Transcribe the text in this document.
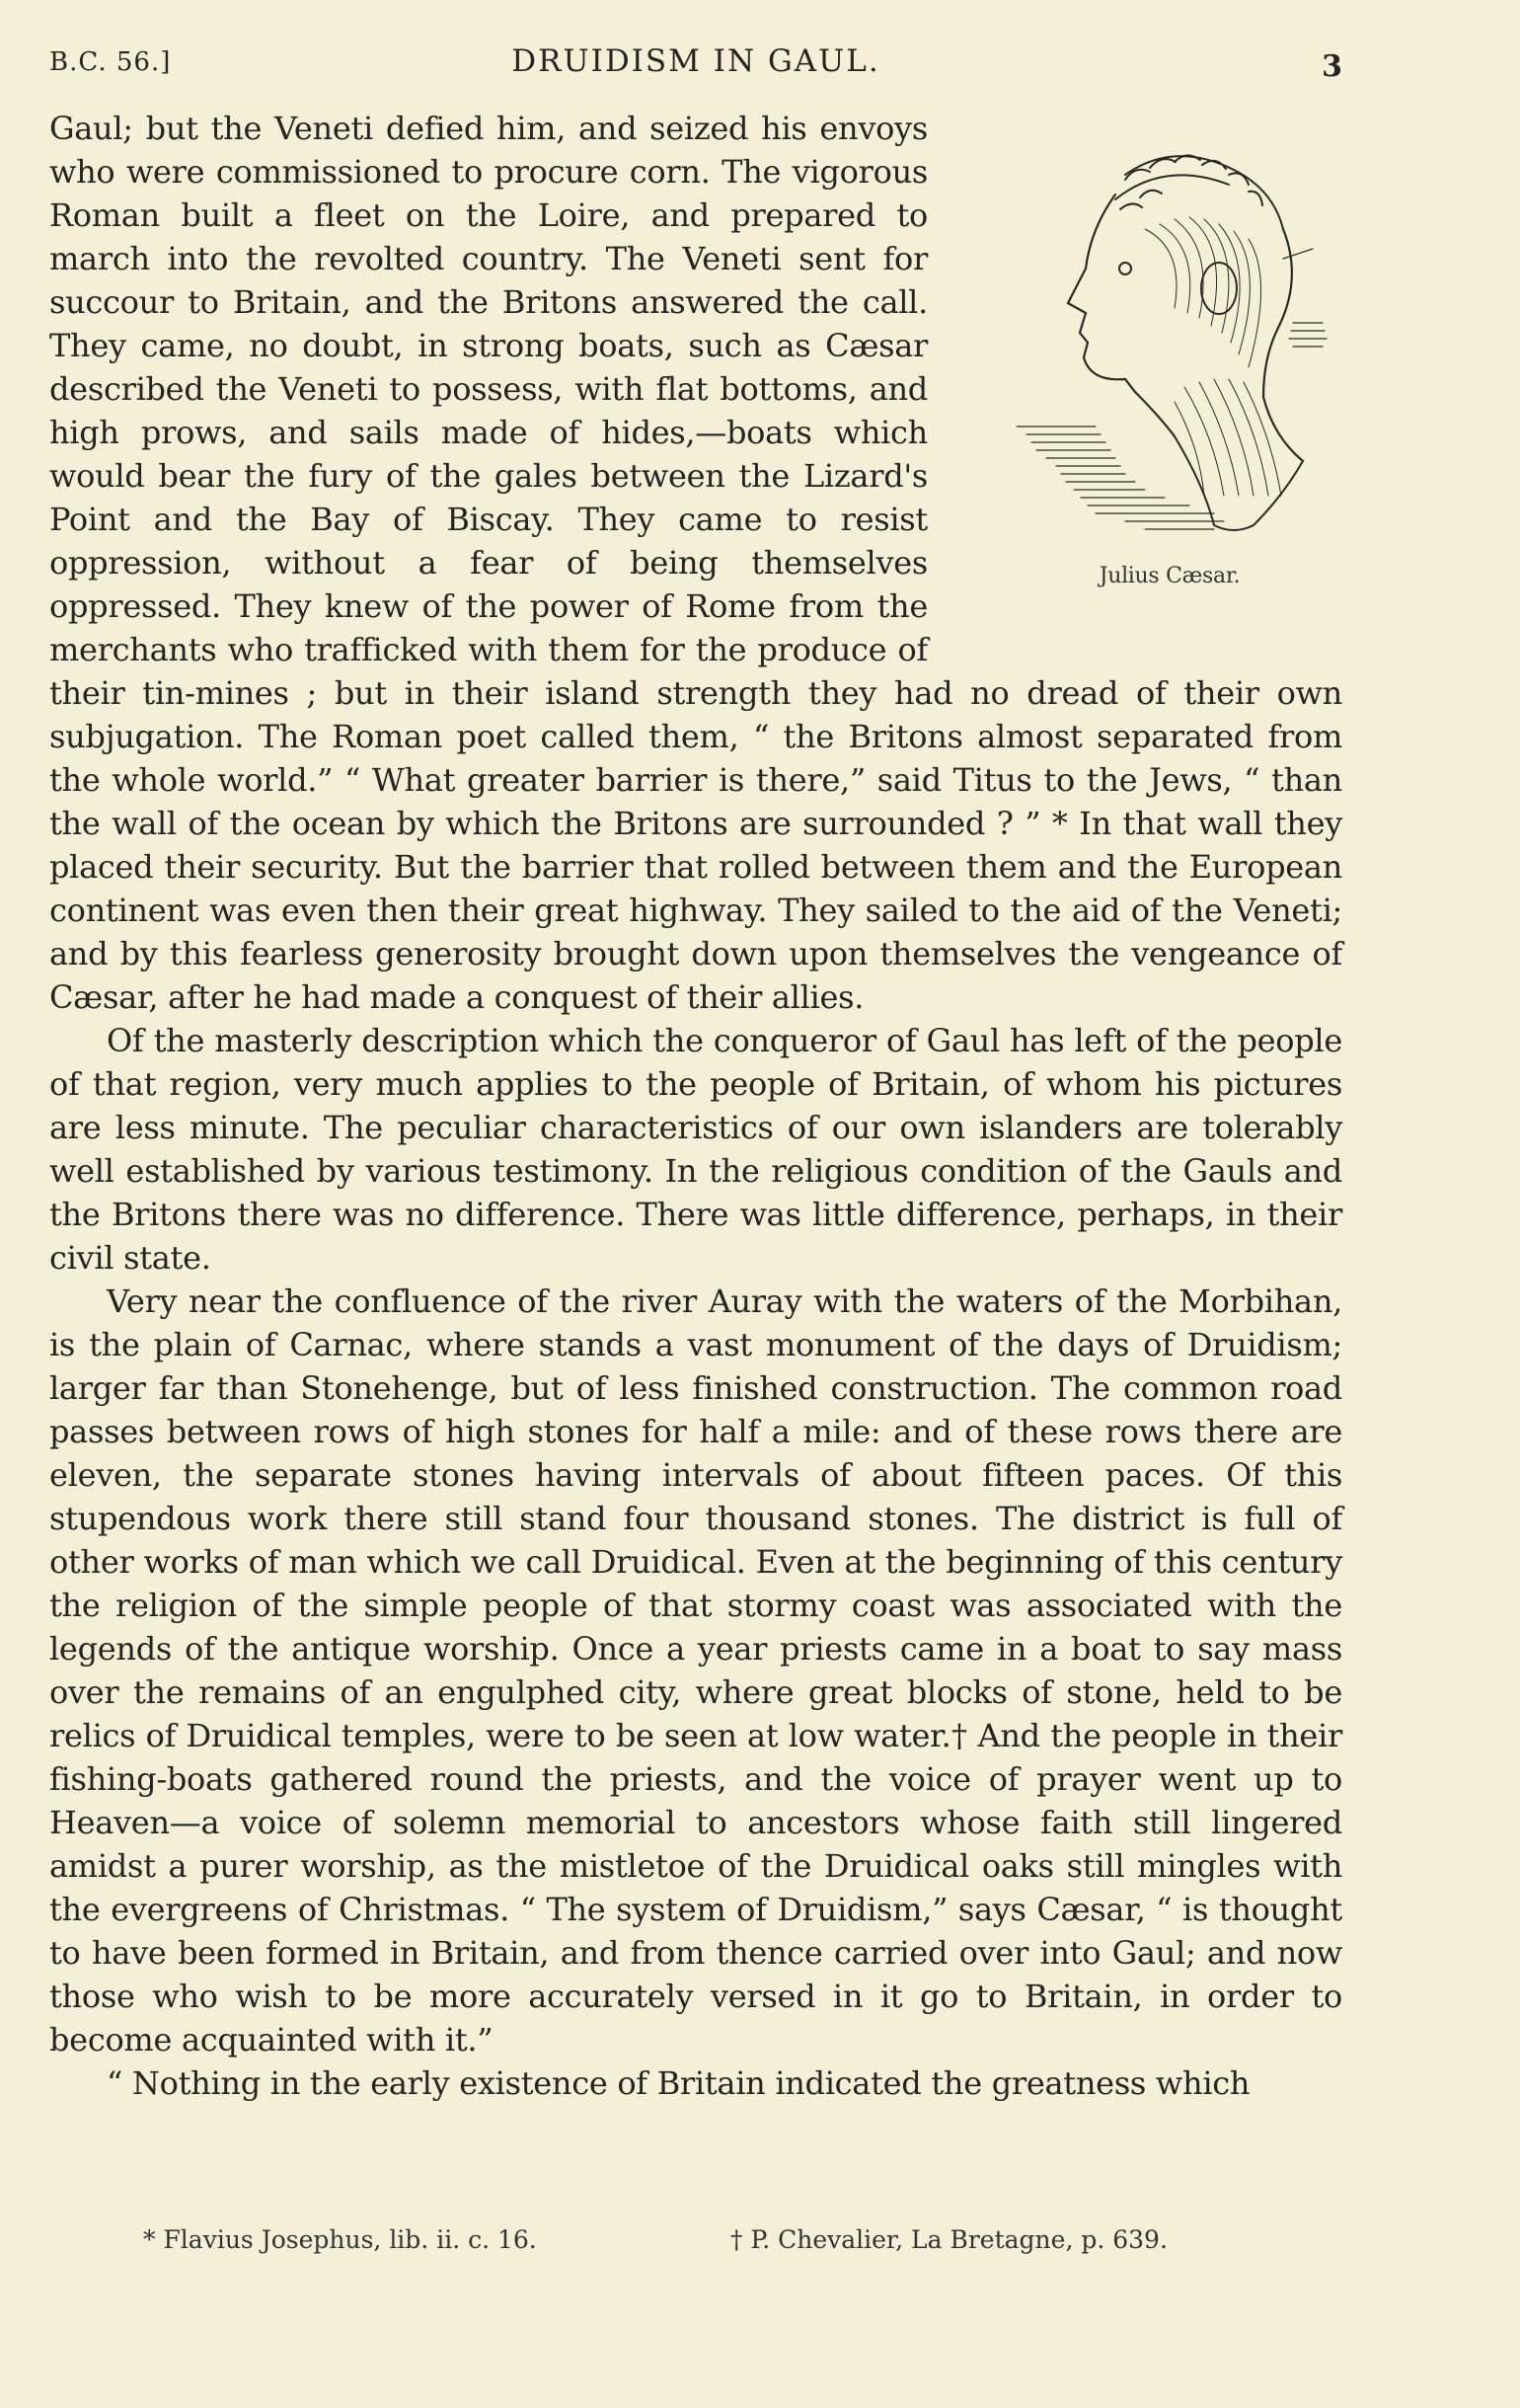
B.C. 56.]	DRUIDISM IN GAUL.	3
Julius Cæsar.

Gaul; but the Veneti defied him, and seized his envoys who were commissioned to procure corn. The vigorous Roman built a fleet on the Loire, and prepared to march into the revolted country. The Veneti sent for succour to Britain, and the Britons answered the call. They came, no doubt, in strong boats, such as Cæsar described the Veneti to possess, with flat bottoms, and high prows, and sails made of hides,—boats which would bear the fury of the gales between the Lizard's Point and the Bay of Biscay. They came to resist oppression, without a fear of being themselves oppressed. They knew of the power of Rome from the merchants who trafficked with them for the produce of their tin-mines ; but in their island strength they had no dread of their own subjugation. The Roman poet called them, “ the Britons almost separated from the whole world.” “ What greater barrier is there,” said Titus to the Jews, “ than the wall of the ocean by which the Britons are surrounded ? ” * In that wall they placed their security. But the barrier that rolled between them and the European continent was even then their great highway. They sailed to the aid of the Veneti; and by this fearless generosity brought down upon themselves the vengeance of Cæsar, after he had made a conquest of their allies.

Of the masterly description which the conqueror of Gaul has left of the people of that region, very much applies to the people of Britain, of whom his pictures are less minute. The peculiar characteristics of our own islanders are tolerably well established by various testimony. In the religious condition of the Gauls and the Britons there was no difference. There was little difference, perhaps, in their civil state.

Very near the confluence of the river Auray with the waters of the Morbihan, is the plain of Carnac, where stands a vast monument of the days of Druidism; larger far than Stonehenge, but of less finished construction. The common road passes between rows of high stones for half a mile: and of these rows there are eleven, the separate stones having intervals of about fifteen paces. Of this stupendous work there still stand four thousand stones. The district is full of other works of man which we call Druidical. Even at the beginning of this century the religion of the simple people of that stormy coast was associated with the legends of the antique worship. Once a year priests came in a boat to say mass over the remains of an engulphed city, where great blocks of stone, held to be relics of Druidical temples, were to be seen at low water.† And the people in their fishing-boats gathered round the priests, and the voice of prayer went up to Heaven—a voice of solemn memorial to ancestors whose faith still lingered amidst a purer worship, as the mistletoe of the Druidical oaks still mingles with the evergreens of Christmas. “ The system of Druidism,” says Cæsar, “ is thought to have been formed in Britain, and from thence carried over into Gaul; and now those who wish to be more accurately versed in it go to Britain, in order to become acquainted with it.”

“ Nothing in the early existence of Britain indicated the greatness which

* Flavius Josephus, lib. ii. c. 16.	† P. Chevalier, La Bretagne, p. 639.
